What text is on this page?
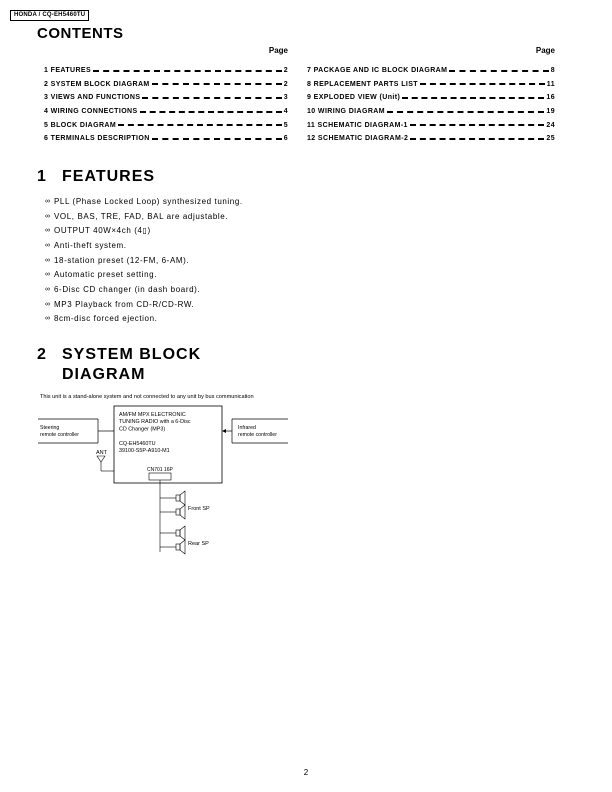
HONDA / CQ-EH5460TU
CONTENTS
Page
1 FEATURES	2
2 SYSTEM BLOCK DIAGRAM	2
3 VIEWS AND FUNCTIONS	3
4 WIRING CONNECTIONS	4
5 BLOCK DIAGRAM	5
6 TERMINALS DESCRIPTION	6
Page
7 PACKAGE AND IC BLOCK DIAGRAM	8
8 REPLACEMENT PARTS LIST	11
9 EXPLODED VIEW (Unit)	16
10 WIRING DIAGRAM	19
11 SCHEMATIC DIAGRAM-1	24
12 SCHEMATIC DIAGRAM-2	25
1 FEATURES
∞ PLL (Phase Locked Loop) synthesized tuning.
∞ VOL, BAS, TRE, FAD, BAL are adjustable.
∞ OUTPUT 40W×4ch (4▯)
∞ Anti-theft system.
∞ 18-station preset (12-FM, 6-AM).
∞ Automatic preset setting.
∞ 6-Disc CD changer (in dash board).
∞ MP3 Playback from CD-R/CD-RW.
∞ 8cm-disc forced ejection.
2 SYSTEM BLOCK
DIAGRAM
This unit is a stand-alone system and not connected to any unit by bus communication
AM/FM MPX ELECTRONIC
TUNING RADIO with a 6-Disc
CD Changer (MP3)
CQ-EH5460TU
39100-S5P-A910-M1
Steering
remote controller
Infrared
remote controller
ANT
CN701 16P
Front SP
Rear SP
2
